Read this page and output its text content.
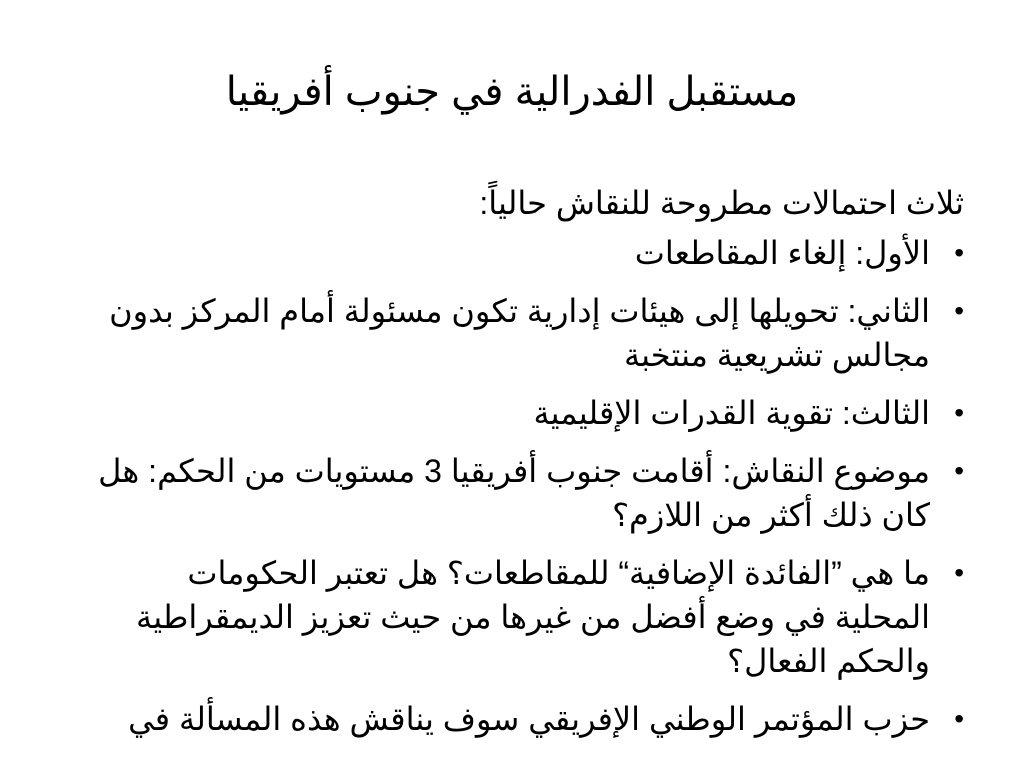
مستقبل الفدرالية في جنوب أفريقيا

ثلاث احتمالات مطروحة للنقاش حالياً:

•
الأول: إلغاء المقاطعات
•
الثاني: تحويلها إلى هيئات إدارية تكون مسئولة أمام المركز بدون مجالس تشريعية منتخبة
•
الثالث: تقوية القدرات الإقليمية
•
موضوع النقاش: أقامت جنوب أفريقيا 3 مستويات من الحكم: هل كان ذلك أكثر من اللازم؟
•
ما هي ”الفائدة الإضافية“ للمقاطعات؟ هل تعتبر الحكومات المحلية في وضع أفضل من غيرها من حيث تعزيز الديمقراطية والحكم الفعال؟
•
حزب المؤتمر الوطني الإفريقي سوف يناقش هذه المسألة في
